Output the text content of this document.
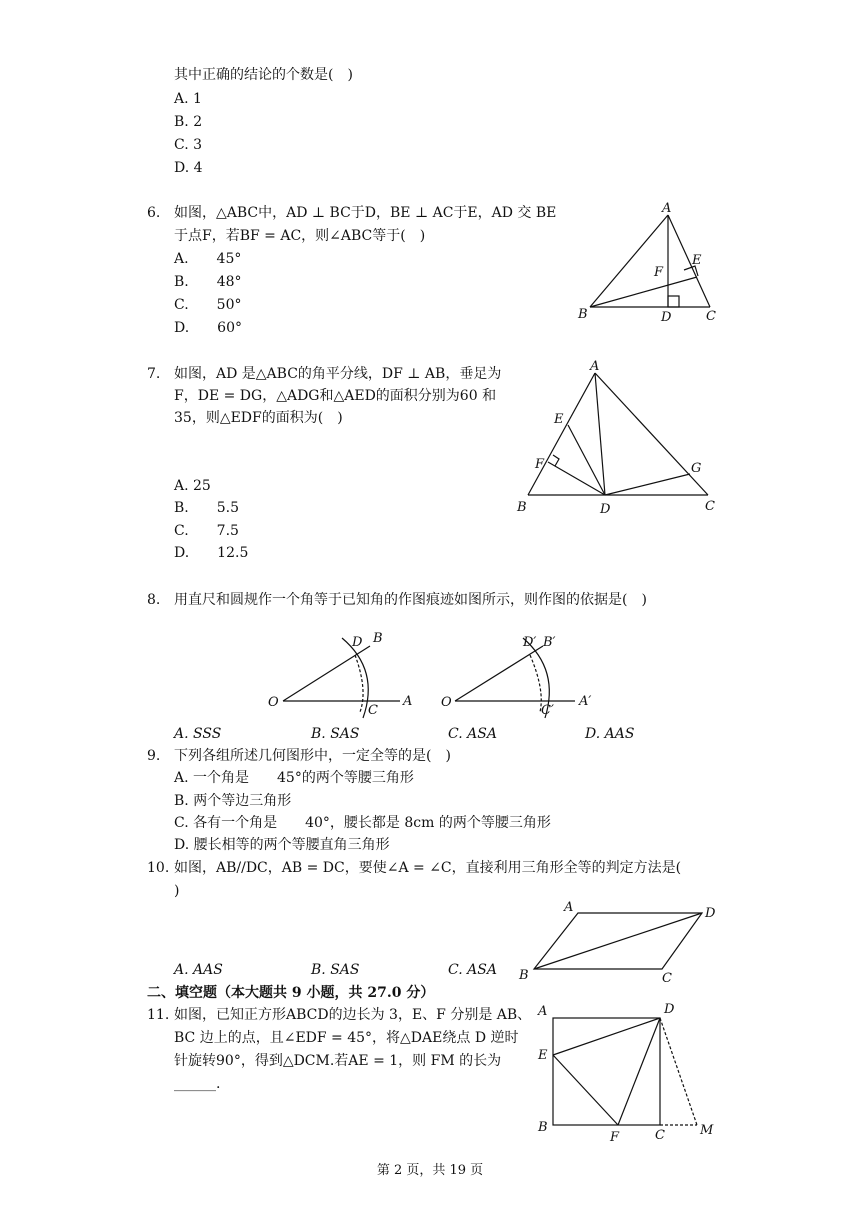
其中正确的结论的个数是(　)
A. 1
B. 2
C. 3
D. 4
6. 如图，△ABC中，AD ⊥ BC于D，BE ⊥ AC于E，AD 交 BE
于点F，若BF = AC，则∠ABC等于(　)
A.　　45°
B.　　48°
C.　　50°
D.　　60°
A
B	C
D
E
F
7. 如图，AD 是△ABC的角平分线，DF ⊥ AB，垂足为
F，DE = DG，△ADG和△AED的面积分别为60 和
35，则△EDF的面积为(　)
A. 25
B.　　5.5
C.　　7.5
D.　　12.5
A
B	C
D
E
F	G
8. 用直尺和圆规作一个角等于已知角的作图痕迹如图所示，则作图的依据是(　)
O	A
B
C
D
O	A′
B′
C′
D′
A. SSS	B. SAS	C. ASA	D. AAS
9. 下列各组所述几何图形中，一定全等的是(　)
A. 一个角是　　45°的两个等腰三角形
B. 两个等边三角形
C. 各有一个角是　　40°，腰长都是 8cm 的两个等腰三角形
D. 腰长相等的两个等腰直角三角形
10. 如图，AB//DC，AB = DC，要使∠A = ∠C，直接利用三角形全等的判定方法是(
)
A
B	C
D
A. AAS	B. SAS	C. ASA
二、填空题（本大题共 9 小题，共 27.0 分）
11. 如图，已知正方形ABCD的边长为 3，E、F 分别是 AB、
BC 边上的点，且∠EDF = 45°，将△DAE绕点 D 逆时
针旋转90°，得到△DCM.若AE = 1，则 FM 的长为
______.
A
B
C
D
E
F	M
第 2 页，共 19 页
